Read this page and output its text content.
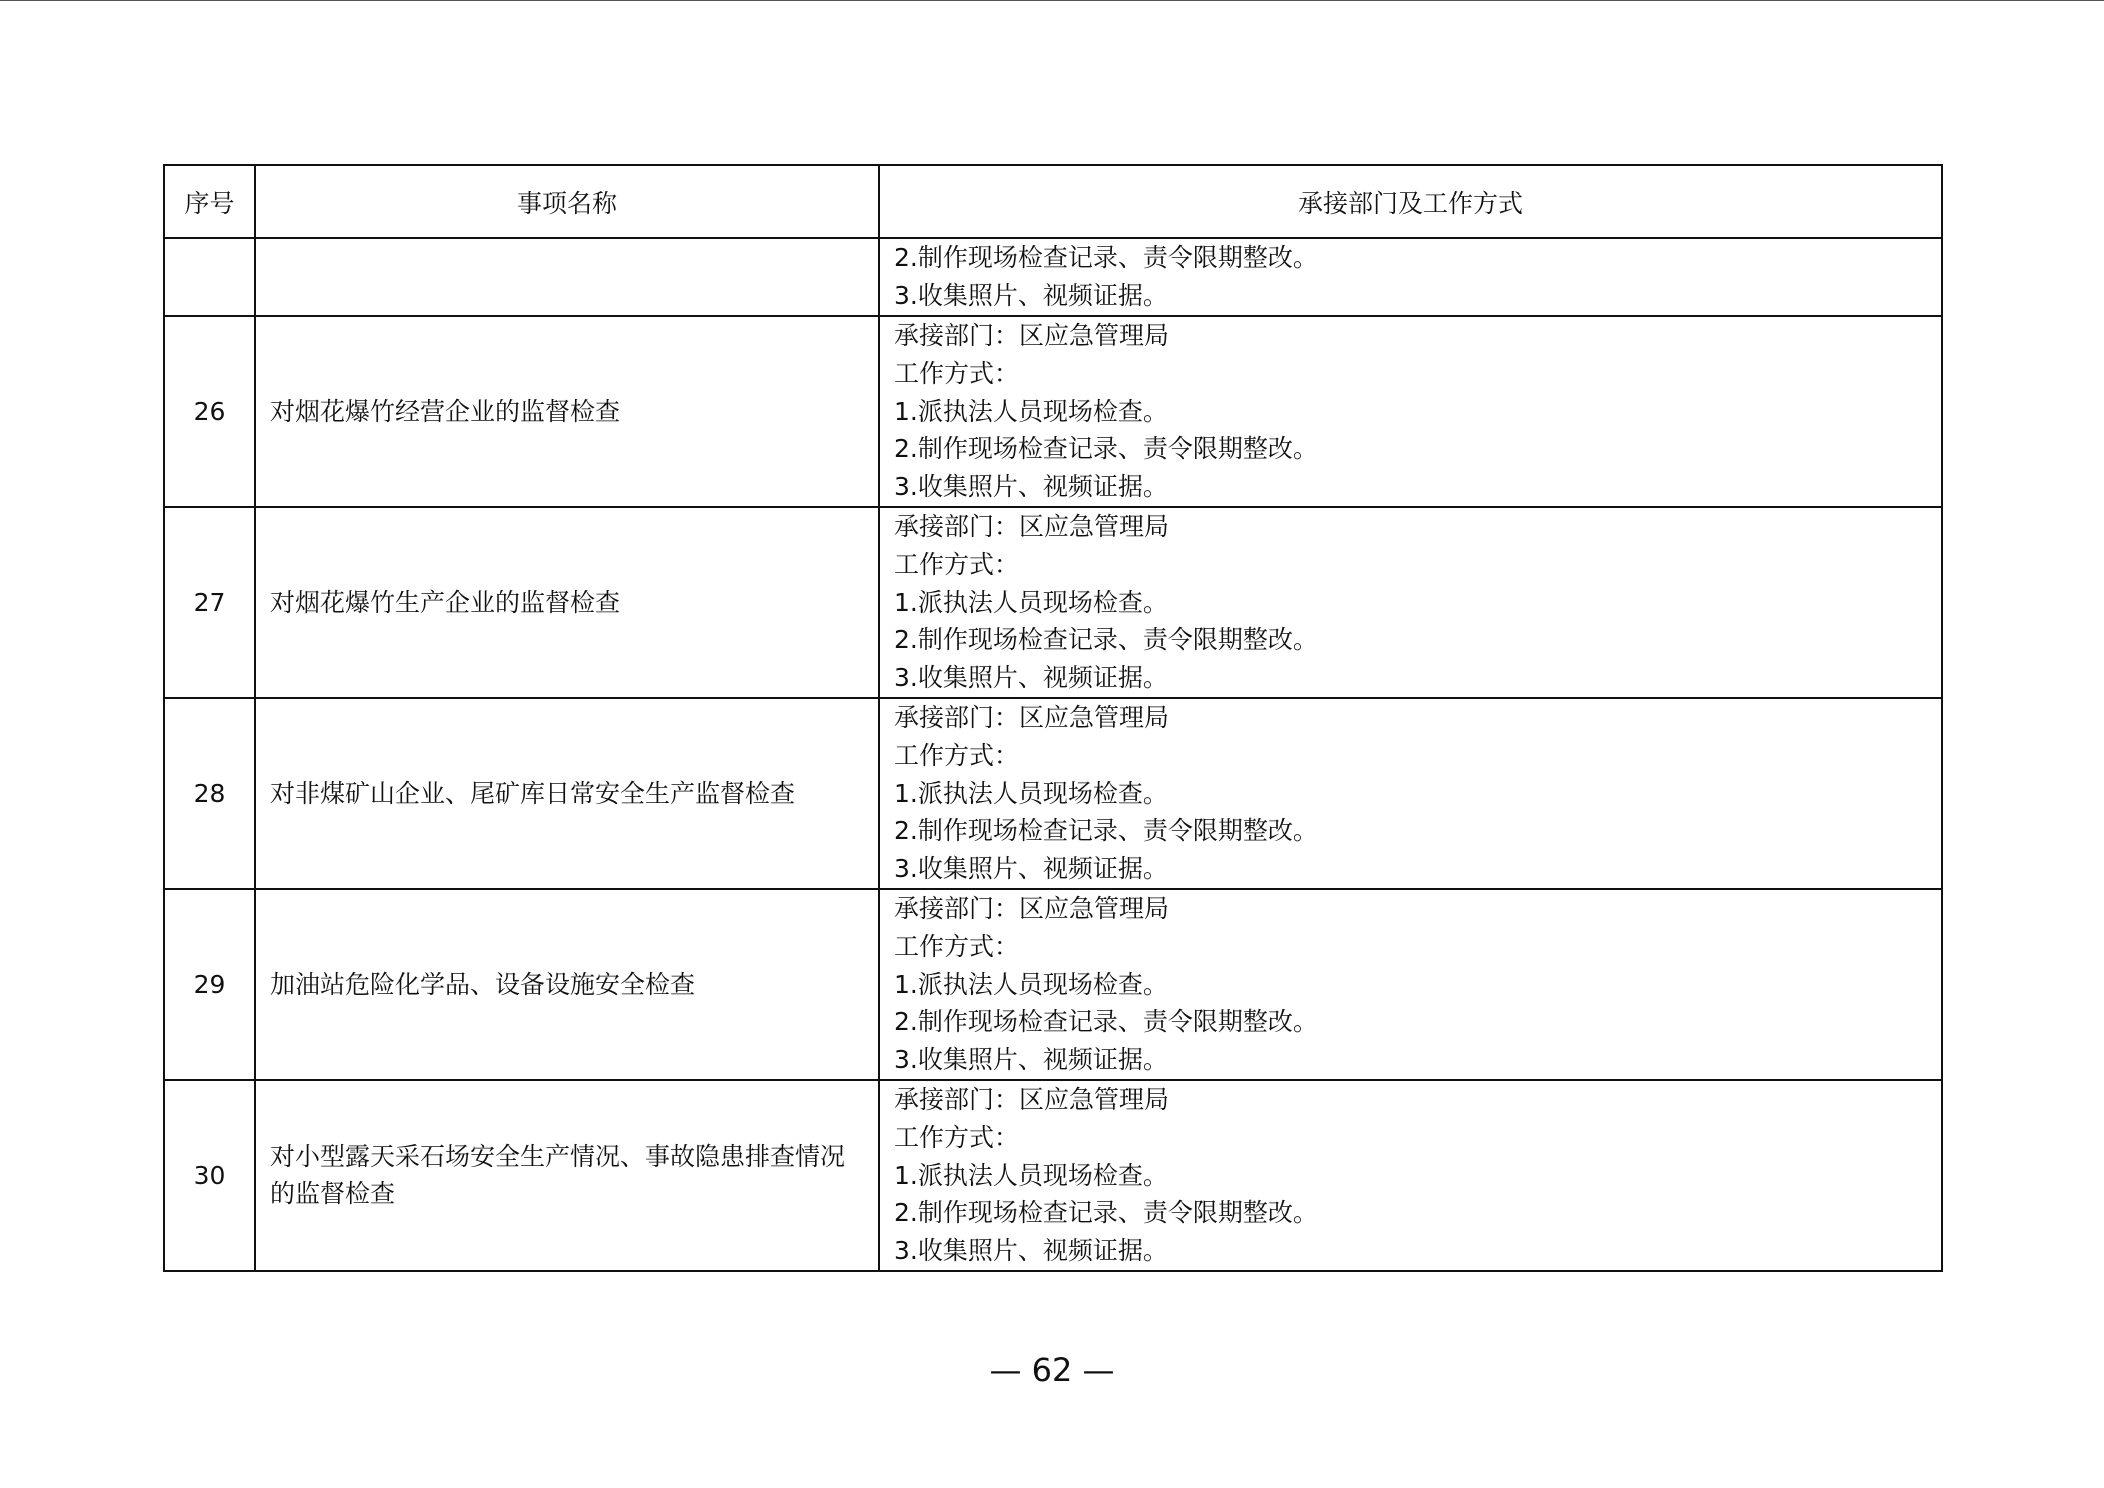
序号	事项名称	承接部门及工作方式

		2.制作现场检查记录、责令限期整改。
3.收集照片、视频证据。

26	对烟花爆竹经营企业的监督检查	承接部门：区应急管理局
工作方式：
1.派执法人员现场检查。
2.制作现场检查记录、责令限期整改。
3.收集照片、视频证据。

27	对烟花爆竹生产企业的监督检查	承接部门：区应急管理局
工作方式：
1.派执法人员现场检查。
2.制作现场检查记录、责令限期整改。
3.收集照片、视频证据。

28	对非煤矿山企业、尾矿库日常安全生产监督检查	承接部门：区应急管理局
工作方式：
1.派执法人员现场检查。
2.制作现场检查记录、责令限期整改。
3.收集照片、视频证据。

29	加油站危险化学品、设备设施安全检查	承接部门：区应急管理局
工作方式：
1.派执法人员现场检查。
2.制作现场检查记录、责令限期整改。
3.收集照片、视频证据。

30	对小型露天采石场安全生产情况、事故隐患排查情况的监督检查	承接部门：区应急管理局
工作方式：
1.派执法人员现场检查。
2.制作现场检查记录、责令限期整改。
3.收集照片、视频证据。
— 62 —
